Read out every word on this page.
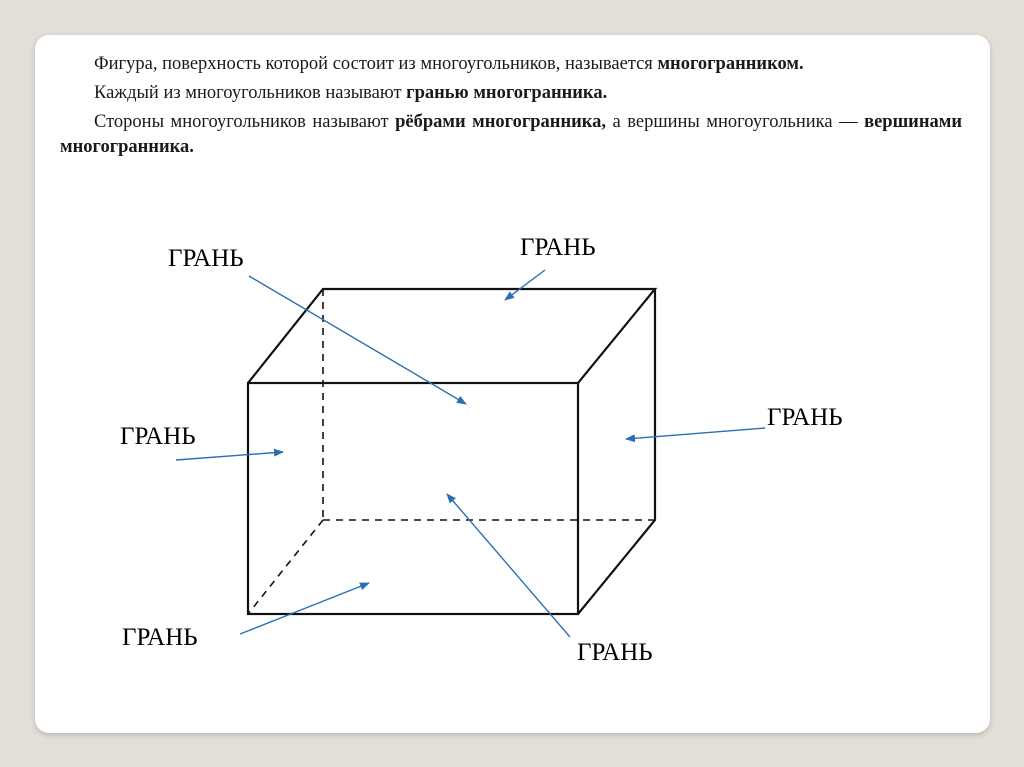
Фигура, поверхность которой состоит из многоугольников, называется многогранником.

Каждый из многоугольников называют гранью многогранника.

Стороны многоугольников называют рёбрами многогранника, а вершины многоугольника — вершинами многогранника.

ГРАНЬ	ГРАНЬ
ГРАНЬ
ГРАНЬ
ГРАНЬ
ГРАНЬ
